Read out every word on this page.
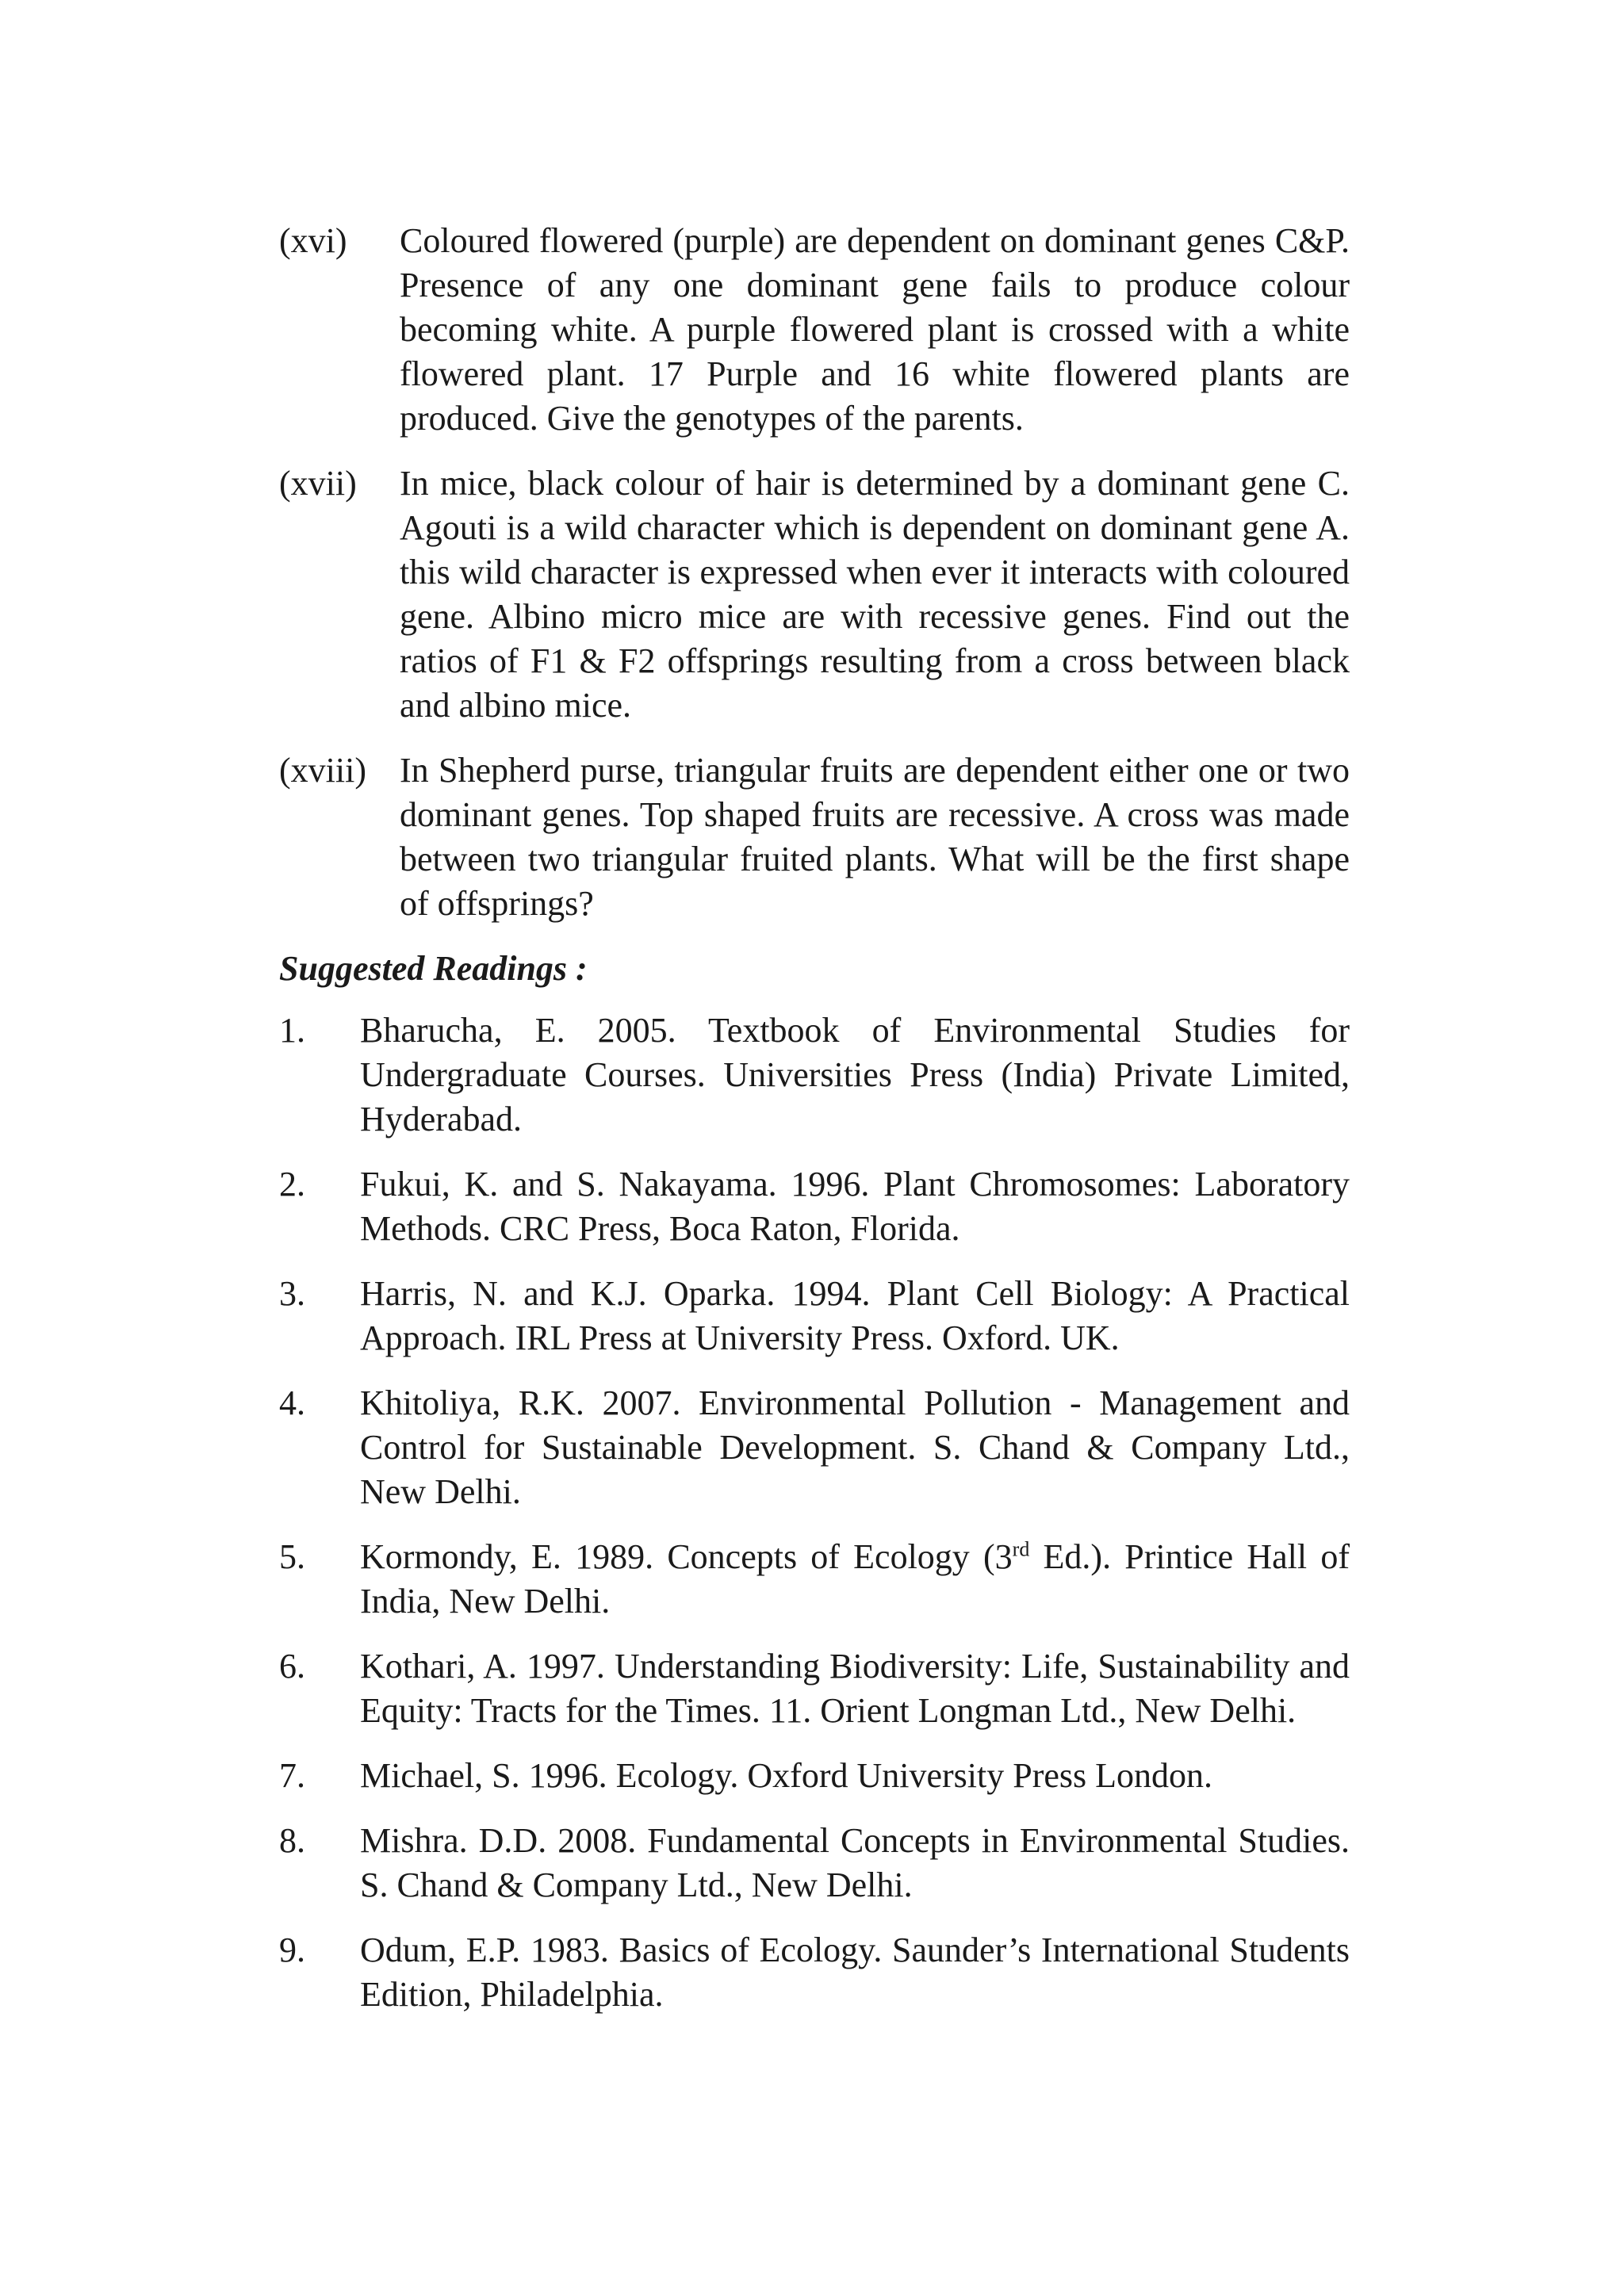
(xvi)	Coloured flowered (purple) are dependent on dominant genes C&P. Presence of any one dominant gene fails to produce colour becoming white. A purple flowered plant is crossed with a white flowered plant. 17 Purple and 16 white flowered plants are produced. Give the genotypes of the parents.
(xvii)	In mice, black colour of hair is determined by a dominant gene C. Agouti is a wild character which is dependent on dominant gene A. this wild character is expressed when ever it interacts with coloured gene. Albino micro mice are with recessive genes. Find out the ratios of F1 & F2 offsprings resulting from a cross between black and albino mice.
(xviii) In Shepherd purse, triangular fruits are dependent either one or two dominant genes. Top shaped fruits are recessive. A cross was made between two triangular fruited plants. What will be the first shape of offsprings?
Suggested Readings :
1.	Bharucha, E. 2005. Textbook of Environmental Studies for Undergraduate Courses. Universities Press (India) Private Limited, Hyderabad.
2.	Fukui, K. and S. Nakayama. 1996. Plant Chromosomes: Laboratory Methods. CRC Press, Boca Raton, Florida.
3.	Harris, N. and K.J. Oparka. 1994. Plant Cell Biology: A Practical Approach. IRL Press at University Press. Oxford. UK.
4.	Khitoliya, R.K. 2007. Environmental Pollution - Management and Control for Sustainable Development. S. Chand & Company Ltd., New Delhi.
5.	Kormondy, E. 1989. Concepts of Ecology (3rd Ed.). Printice Hall of India, New Delhi.
6.	Kothari, A. 1997. Understanding Biodiversity: Life, Sustainability and Equity: Tracts for the Times. 11. Orient Longman Ltd., New Delhi.
7.	Michael, S. 1996. Ecology. Oxford University Press London.
8.	Mishra. D.D. 2008. Fundamental Concepts in Environmental Studies. S. Chand & Company Ltd., New Delhi.
9.	Odum, E.P. 1983. Basics of Ecology. Saunder’s International Students Edition, Philadelphia.
